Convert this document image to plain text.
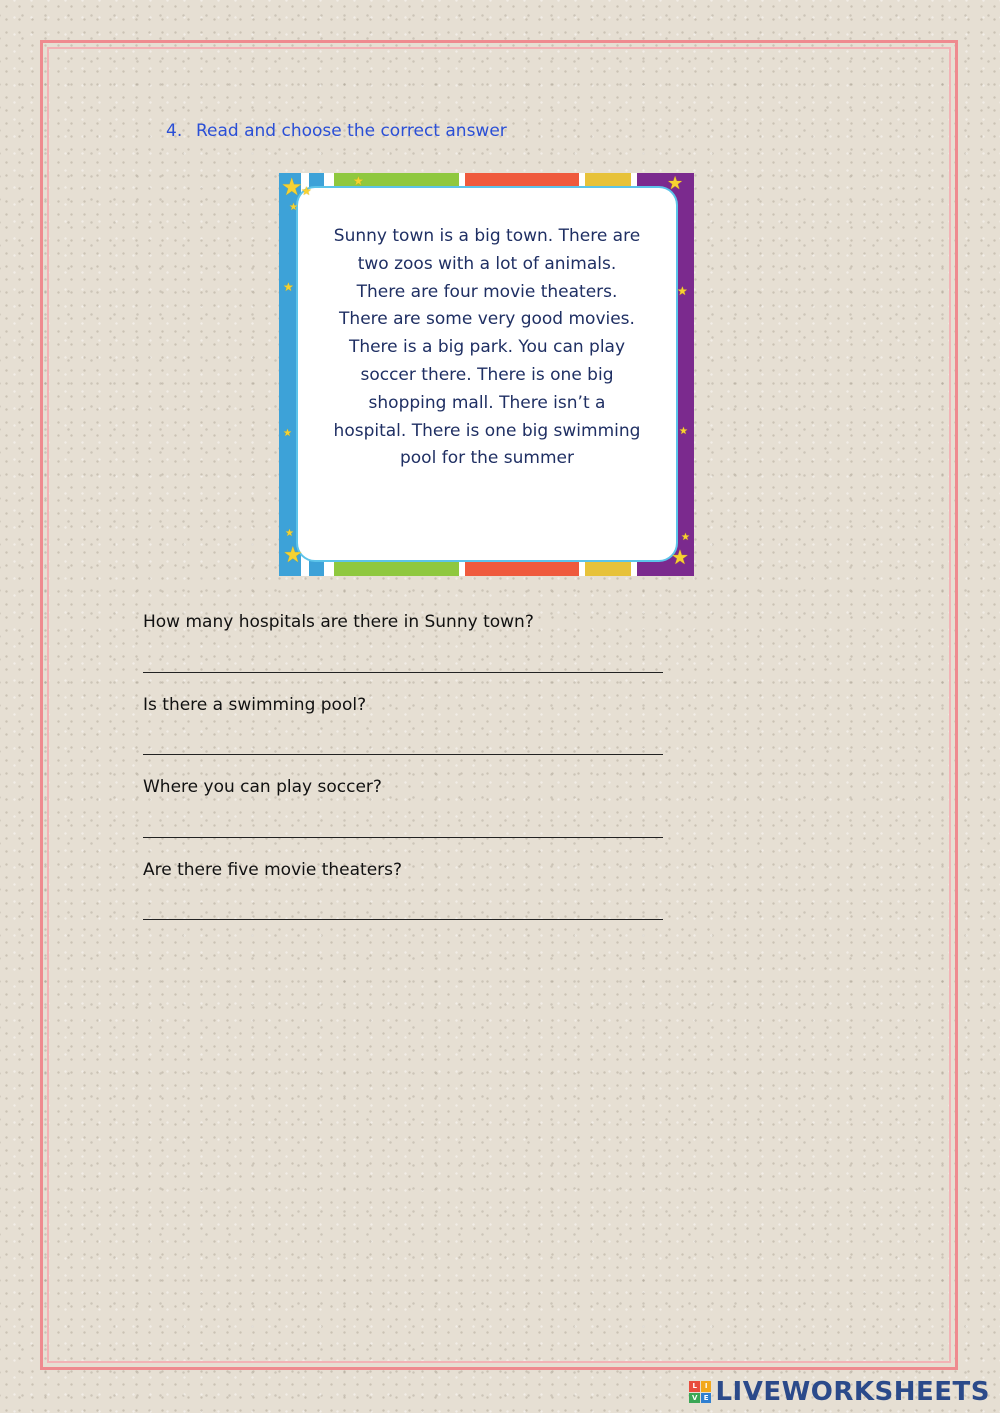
4. Read and choose the correct answer
★
★
★
★
★
★	★
★	★
★
★
★
★
Sunny town is a big town. There are
two zoos with a lot of animals.
There are four movie theaters.
There are some very good movies.
There is a big park. You can play
soccer there. There is one big
shopping mall. There isn’t a
hospital. There is one big swimming
pool for the summer
How many hospitals are there in Sunny town?
Is there a swimming pool?
Where you can play soccer?
Are there five movie theaters?
L	I
V E LIVEWORKSHEETS
